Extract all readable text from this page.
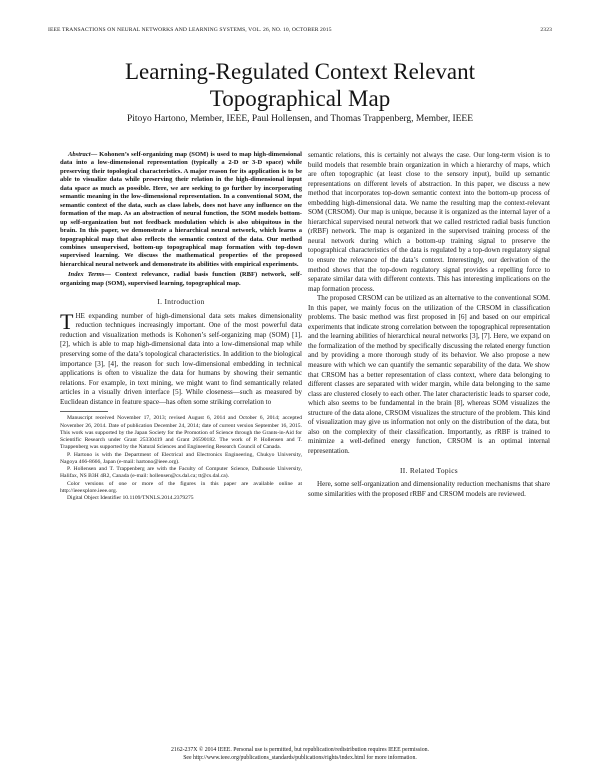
IEEE TRANSACTIONS ON NEURAL NETWORKS AND LEARNING SYSTEMS, VOL. 26, NO. 10, OCTOBER 2015	2323
Learning-Regulated Context Relevant
Topographical Map
Pitoyo Hartono, Member, IEEE, Paul Hollensen, and Thomas Trappenberg, Member, IEEE

Abstract— Kohonen’s self-organizing map (SOM) is used to map high-dimensional data into a low-dimensional representation (typically a 2-D or 3-D space) while preserving their topological characteristics. A major reason for its application is to be able to visualize data while preserving their relation in the high-dimensional input data space as much as possible. Here, we are seeking to go further by incorporating semantic meaning in the low-dimensional representation. In a conventional SOM, the semantic context of the data, such as class labels, does not have any influence on the formation of the map. As an abstraction of neural function, the SOM models bottom-up self-organization but not feedback modulation which is also ubiquitous in the brain. In this paper, we demonstrate a hierarchical neural network, which learns a topographical map that also reflects the semantic context of the data. Our method combines unsupervised, bottom-up topographical map formation with top-down supervised learning. We discuss the mathematical properties of the proposed hierarchical neural network and demonstrate its abilities with empirical experiments.

Index Terms— Context relevance, radial basis function (RBF) network, self-organizing map (SOM), supervised learning, topographical map.

I. Introduction

THE expanding number of high-dimensional data sets makes dimensionality reduction techniques increasingly important. One of the most powerful data reduction and visualization methods is Kohonen’s self-organizing map (SOM) [1], [2], which is able to map high-dimensional data into a low-dimensional map while preserving some of the data’s topological characteristics. In addition to the biological importance [3], [4], the reason for such low-dimensional embedding in technical applications is often to visualize the data for humans by showing their semantic relations. For example, in text mining, we might want to find semantically related articles in a visually driven interface [5]. While closeness—such as measured by Euclidean distance in feature space—has often some striking correlation to

Manuscript received November 17, 2013; revised August 6, 2014 and October 6, 2014; accepted November 26, 2014. Date of publication December 24, 2014; date of current version September 16, 2015. This work was supported by the Japan Society for the Promotion of Science through the Grants-in-Aid for Scientific Research under Grant 25330419 and Grant 26590182. The work of P. Hollensen and T. Trappenberg was supported by the Natural Sciences and Engineering Research Council of Canada.

P. Hartono is with the Department of Electrical and Electronics Engineering, Chukyo University, Nagoya 466-8666, Japan (e-mail: hartono@ieee.org).

P. Hollensen and T. Trappenberg are with the Faculty of Computer Science, Dalhousie University, Halifax, NS B3H 4R2, Canada (e-mail: hollensen@cs.dal.ca; tt@cs.dal.ca).

Color versions of one or more of the figures in this paper are available online at http://ieeexplore.ieee.org.

Digital Object Identifier 10.1109/TNNLS.2014.2379275

semantic relations, this is certainly not always the case. Our long-term vision is to build models that resemble brain organization in which a hierarchy of maps, which are often topographic (at least close to the sensory input), build up semantic representations on different levels of abstraction. In this paper, we discuss a new method that incorporates top-down semantic context into the bottom-up process of embedding high-dimensional data. We name the resulting map the context-relevant SOM (CRSOM). Our map is unique, because it is organized as the internal layer of a hierarchical supervised neural network that we called restricted radial basis function (rRBF) network. The map is organized in the supervised training process of the neural network during which a bottom-up training signal to preserve the topographical characteristics of the data is regulated by a top-down regulatory signal to ensure the relevance of the data’s context. Interestingly, our derivation of the method shows that the top-down regulatory signal provides a repelling force to separate similar data with different contexts. This has interesting implications on the map formation process.

The proposed CRSOM can be utilized as an alternative to the conventional SOM. In this paper, we mainly focus on the utilization of the CRSOM in classification problems. The basic method was first proposed in [6] and based on our empirical experiments that indicate strong correlation between the topographical representation and the learning abilities of hierarchical neural networks [3], [7]. Here, we expand on the formalization of the method by specifically discussing the related energy function and by providing a more thorough study of its behavior. We also propose a new measure with which we can quantify the semantic separability of the data. We show that CRSOM has a better representation of class context, where data belonging to different classes are separated with wider margin, while data belonging to the same class are clustered closely to each other. The later characteristic leads to sparser code, which also seems to be fundamental in the brain [8], whereas SOM visualizes the structure of the data alone, CRSOM visualizes the structure of the problem. This kind of visualization may give us information not only on the distribution of the data, but also on the complexity of their classification. Importantly, as rRBF is trained to minimize a well-defined energy function, CRSOM is an optimal internal representation.

II. Related Topics

Here, some self-organization and dimensionality reduction mechanisms that share some similarities with the proposed rRBF and CRSOM models are reviewed.

2162-237X © 2014 IEEE. Personal use is permitted, but republication/redistribution requires IEEE permission.
See http://www.ieee.org/publications_standards/publications/rights/index.html for more information.
